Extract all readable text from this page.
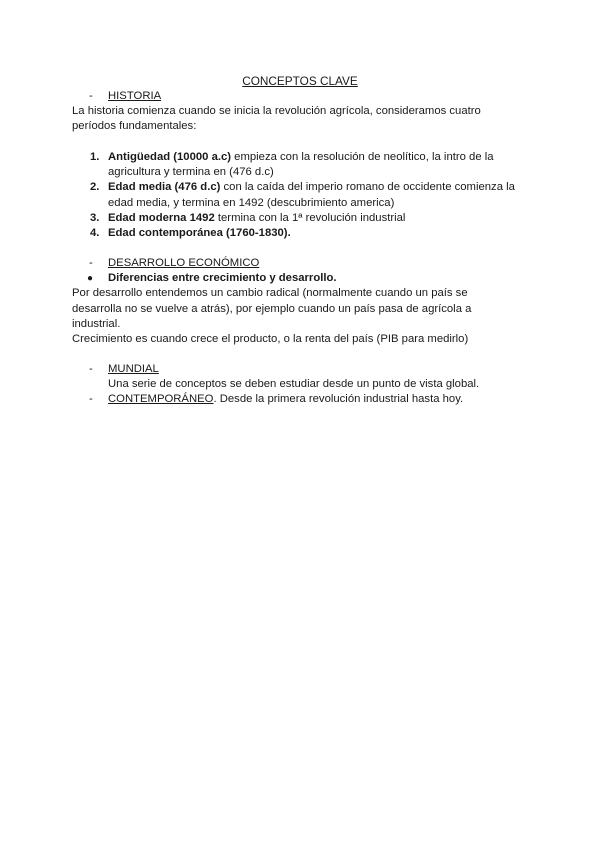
CONCEPTOS CLAVE
- HISTORIA

La historia comienza cuando se inicia la revolución agrícola, consideramos cuatro períodos fundamentales:

1. Antigüedad (10000 a.c) empieza con la resolución de neolítico, la intro de la agricultura y termina en (476 d.c)
2. Edad media (476 d.c) con la caída del imperio romano de occidente comienza la edad media, y termina en 1492 (descubrimiento america)
3. Edad moderna 1492 termina con la 1ª revolución industrial
4. Edad contemporánea (1760-1830).
- DESARROLLO ECONÓMICO
● Diferencias entre crecimiento y desarrollo.

Por desarrollo entendemos un cambio radical (normalmente cuando un país se desarrolla no se vuelve a atrás), por ejemplo cuando un país pasa de agrícola a industrial.

Crecimiento es cuando crece el producto, o la renta del país (PIB para medirlo)

- MUNDIAL
Una serie de conceptos se deben estudiar desde un punto de vista global.
- CONTEMPORÁNEO. Desde la primera revolución industrial hasta hoy.
